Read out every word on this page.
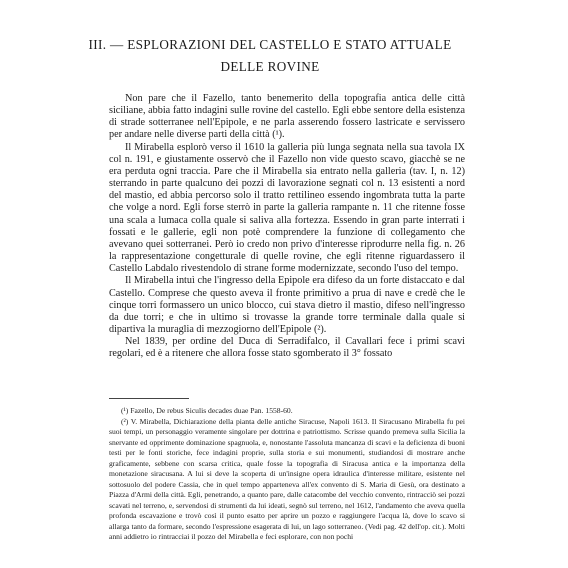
III. — ESPLORAZIONI DEL CASTELLO E STATO ATTUALE
DELLE ROVINE

Non pare che il Fazello, tanto benemerito della topografia antica delle città siciliane, abbia fatto indagini sulle rovine del castello. Egli ebbe sentore della esistenza di strade sotterranee nell'Epipole, e ne parla asserendo fossero lastricate e servissero per andare nelle diverse parti della città (¹).

Il Mirabella esplorò verso il 1610 la galleria più lunga segnata nella sua tavola IX col n. 191, e giustamente osservò che il Fazello non vide questo scavo, giacchè se ne era perduta ogni traccia. Pare che il Mirabella sia entrato nella galleria (tav. I, n. 12) sterrando in parte qualcuno dei pozzi di lavorazione segnati col n. 13 esistenti a nord del mastio, ed abbia percorso solo il tratto rettilineo essendo ingombrata tutta la parte che volge a nord. Egli forse sterrò in parte la galleria rampante n. 11 che ritenne fosse una scala a lumaca colla quale si saliva alla fortezza. Essendo in gran parte interrati i fossati e le gallerie, egli non potè comprendere la funzione di collegamento che avevano quei sotterranei. Però io credo non privo d'interesse riprodurre nella fig. n. 26 la rappresentazione congetturale di quelle rovine, che egli ritenne riguardassero il Castello Labdalo rivestendolo di strane forme modernizzate, secondo l'uso del tempo.

Il Mirabella intuì che l'ingresso della Epipole era difeso da un forte distaccato e dal Castello. Comprese che questo aveva il fronte primitivo a prua di nave e credè che le cinque torri formassero un unico blocco, cui stava dietro il mastio, difeso nell'ingresso da due torri; e che in ultimo si trovasse la grande torre terminale dalla quale si dipartiva la muraglia di mezzogiorno dell'Epipole (²).

Nel 1839, per ordine del Duca di Serradifalco, il Cavallari fece i primi scavi regolari, ed è a ritenere che allora fosse stato sgomberato il 3° fossato

(¹) Fazello, De rebus Siculis decades duae Pan. 1558-60.

(²) V. Mirabella, Dichiarazione della pianta delle antiche Siracuse, Napoli 1613. Il Siracusano Mirabella fu pei suoi tempi, un personaggio veramente singolare per dottrina e patriottismo. Scrisse quando premeva sulla Sicilia la snervante ed opprimente dominazione spagnuola, e, nonostante l'assoluta mancanza di scavi e la deficienza di buoni testi per le fonti storiche, fece indagini proprie, sulla storia e sui monumenti, studiandosi di mostrare anche graficamente, sebbene con scarsa critica, quale fosse la topografia di Siracusa antica e la importanza della monetazione siracusana. A lui si deve la scoperta di un'insigne opera idraulica d'interesse militare, esistente nel sottosuolo del podere Cassia, che in quel tempo apparteneva all'ex convento di S. Maria di Gesù, ora destinato a Piazza d'Armi della città. Egli, penetrando, a quanto pare, dalle catacombe del vecchio convento, rintracciò sei pozzi scavati nel terreno, e, servendosi di strumenti da lui ideati, segnò sul terreno, nel 1612, l'andamento che aveva quella profonda escavazione e trovò così il punto esatto per aprire un pozzo e raggiungere l'acqua là, dove lo scavo si allarga tanto da formare, secondo l'espressione esagerata di lui, un lago sotterraneo. (Vedi pag. 42 dell'op. cit.). Molti anni addietro io rintracciai il pozzo del Mirabella e feci esplorare, con non pochi
